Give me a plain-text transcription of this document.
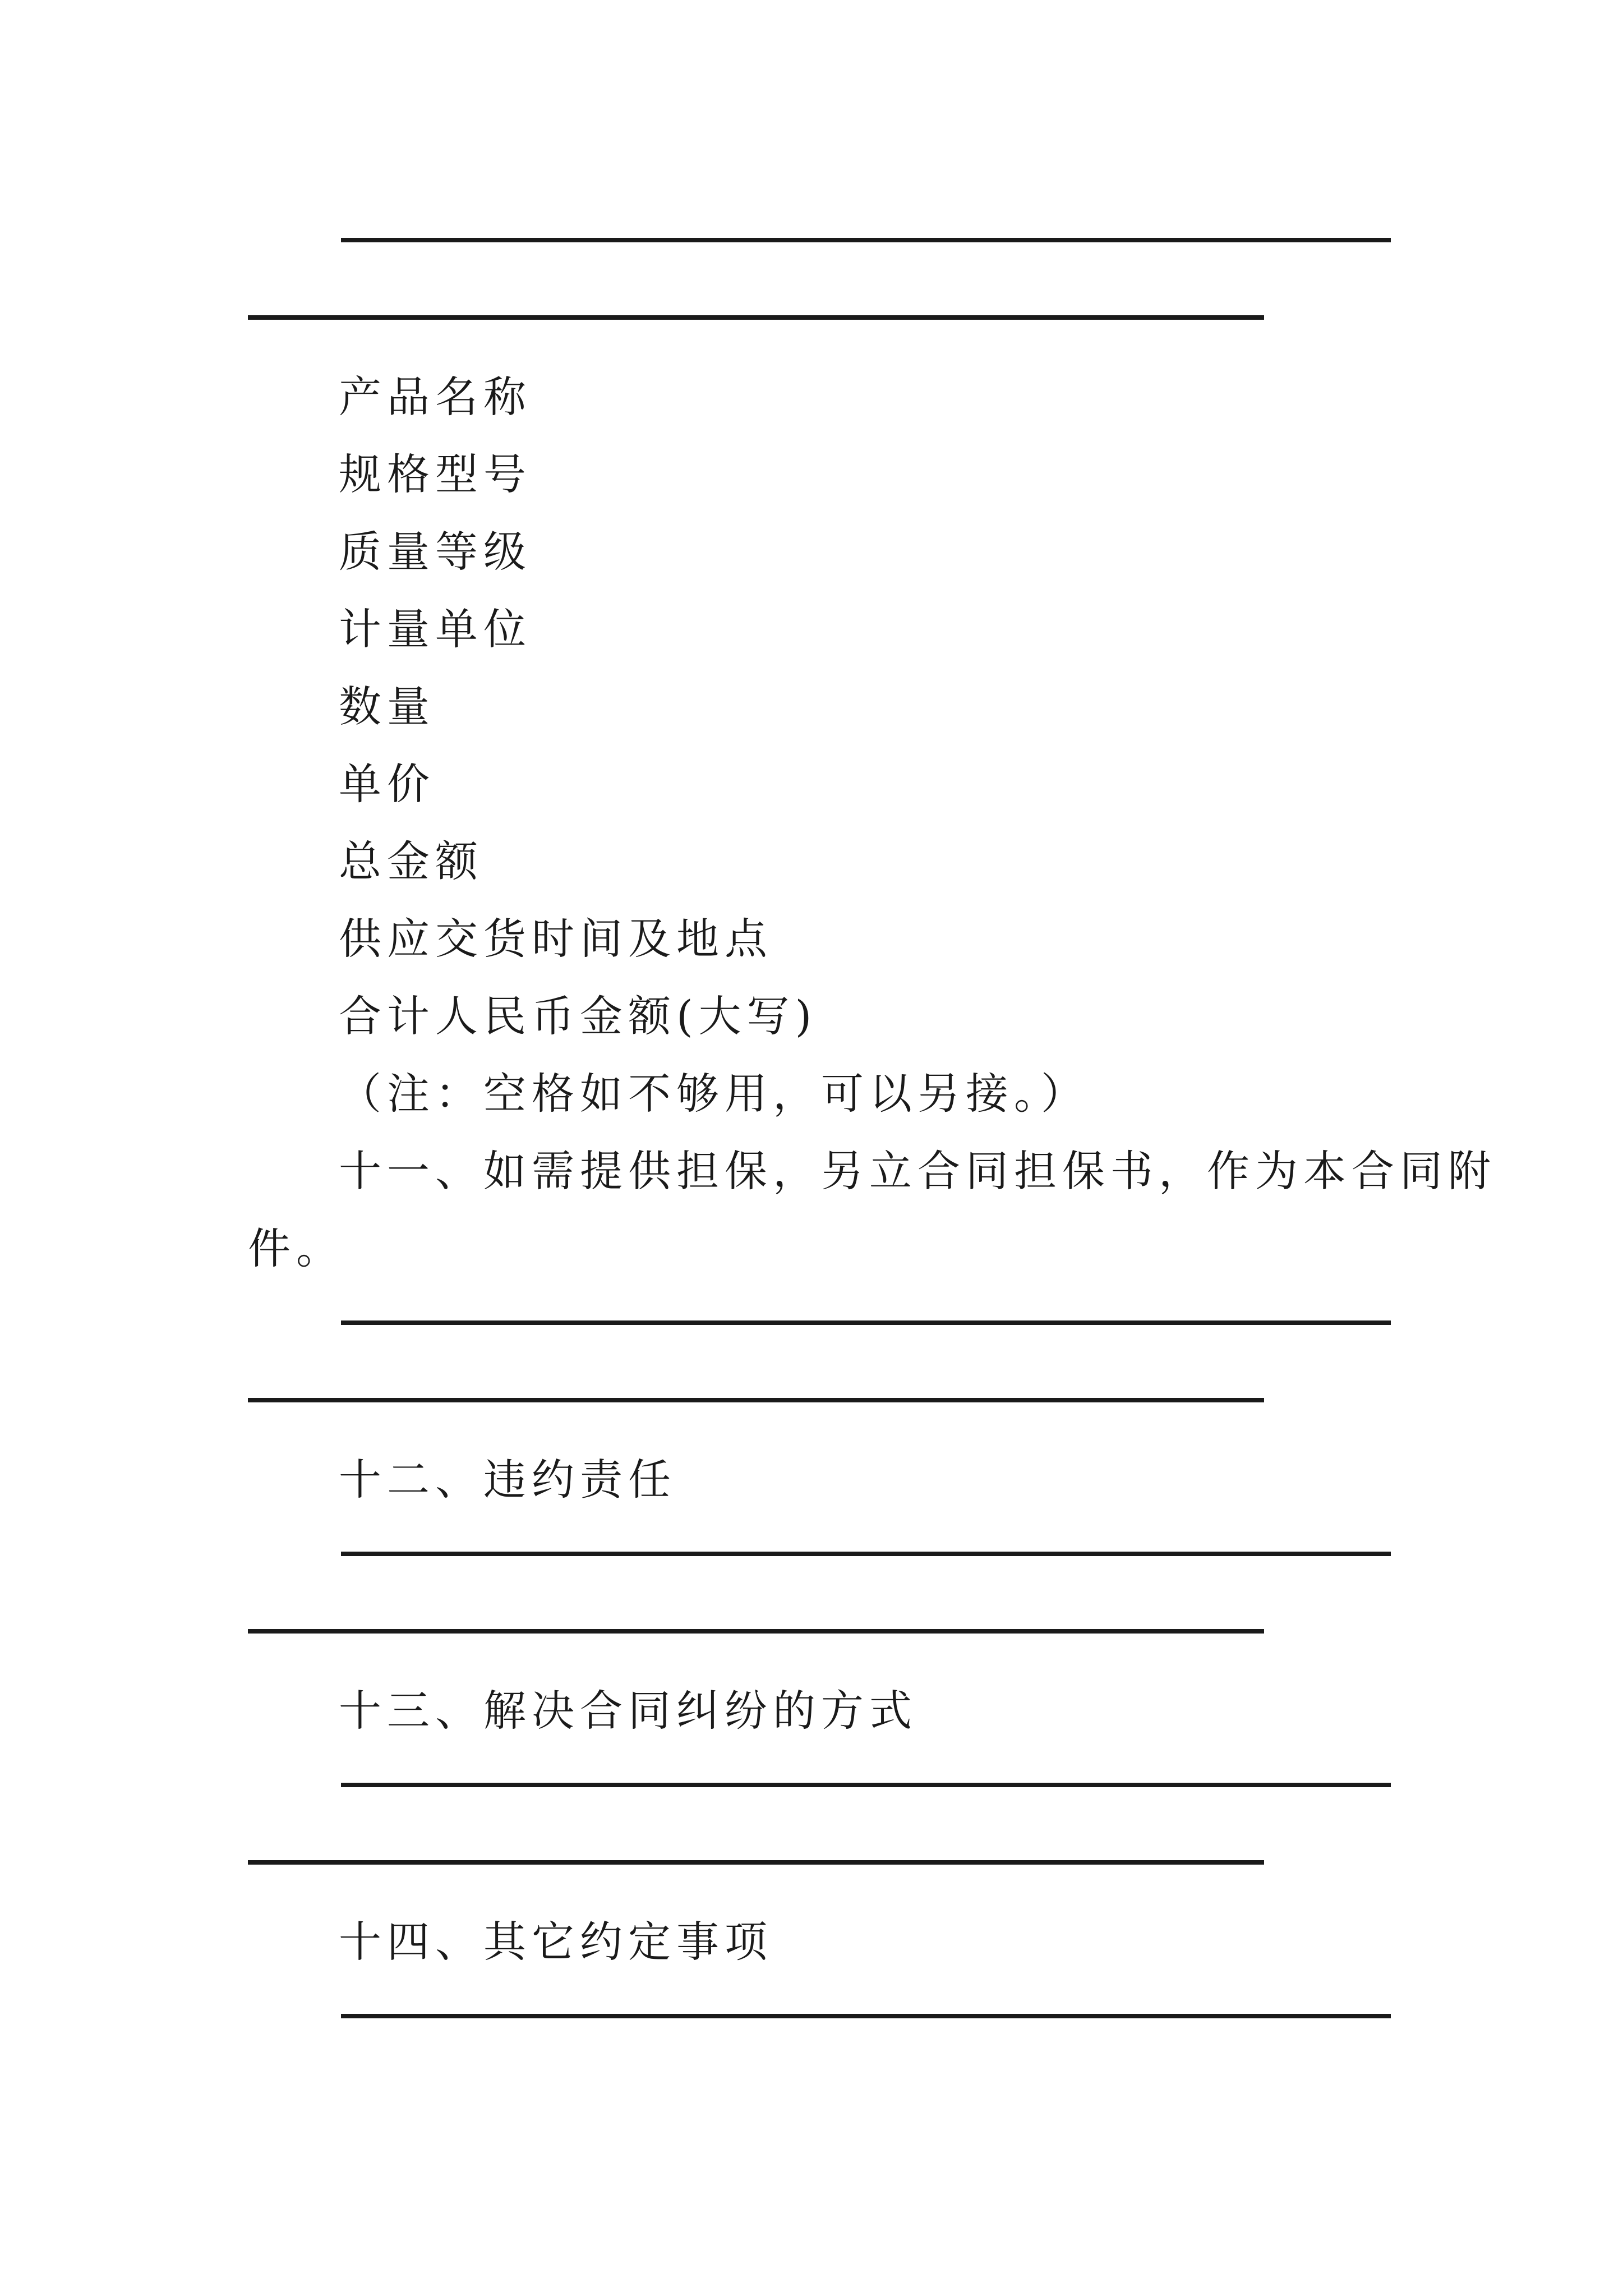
产品名称
规格型号
质量等级
计量单位
数量
单价
总金额
供应交货时间及地点
合计人民币金额(大写)
（注：空格如不够用，可以另接。）
十一、如需提供担保，另立合同担保书，作为本合同附
件。
十二、违约责任
十三、解决合同纠纷的方式
十四、其它约定事项
